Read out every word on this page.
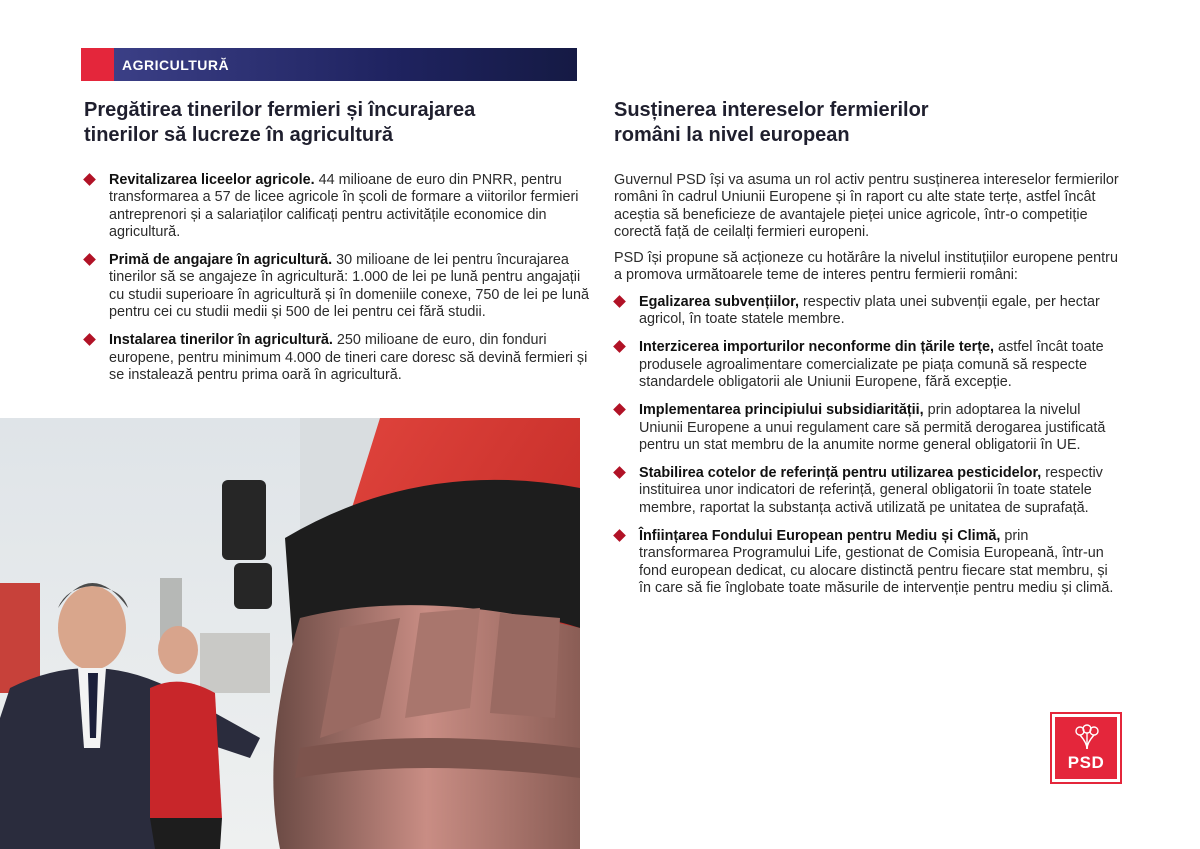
AGRICULTURĂ
Pregătirea tinerilor fermieri și încurajarea
tinerilor să lucreze în agricultură
Revitalizarea liceelor agricole. 44 milioane de euro din PNRR, pentru transformarea a 57 de licee agricole în școli de formare a viitorilor fermieri antreprenori și a salariaților calificați pentru activitățile economice din agricultură.
Primă de angajare în agricultură. 30 milioane de lei pentru încurajarea tinerilor să se angajeze în agricultură: 1.000 de lei pe lună pentru angajații cu studii superioare în agricultură și în domeniile conexe, 750 de lei pe lună pentru cei cu studii medii și 500 de lei pentru cei fără studii.
Instalarea tinerilor în agricultură. 250 milioane de euro, din fonduri europene, pentru minimum 4.000 de tineri care doresc să devină fermieri și se instalează pentru prima oară în agricultură.
Susținerea intereselor fermierilor
români la nivel european

Guvernul PSD își va asuma un rol activ pentru susținerea intereselor fermierilor români în cadrul Uniunii Europene și în raport cu alte state terțe, astfel încât aceștia să beneficieze de avantajele pieței unice agricole, într-o competiție corectă față de ceilalți fermieri europeni.

PSD își propune să acționeze cu hotărâre la nivelul instituțiilor europene pentru a promova următoarele teme de interes pentru fermierii români:

Egalizarea subvențiilor, respectiv plata unei subvenții egale, per hectar agricol, în toate statele membre.
Interzicerea importurilor neconforme din țările terțe, astfel încât toate produsele agroalimentare comercializate pe piața comună să respecte standardele obligatorii ale Uniunii Europene, fără excepție.
Implementarea principiului subsidiarității, prin adoptarea la nivelul Uniunii Europene a unui regulament care să permită derogarea justificată pentru un stat membru de la anumite norme general obligatorii în UE.
Stabilirea cotelor de referință pentru utilizarea pesticidelor, respectiv instituirea unor indicatori de referință, general obligatorii în toate statele membre, raportat la substanța activă utilizată pe unitatea de suprafață.
Înființarea Fondului European pentru Mediu și Climă, prin transformarea Programului Life, gestionat de Comisia Europeană, într-un fond european dedicat, cu alocare distinctă pentru fiecare stat membru, și în care să fie înglobate toate măsurile de intervenție pentru mediu și climă.
PSD
